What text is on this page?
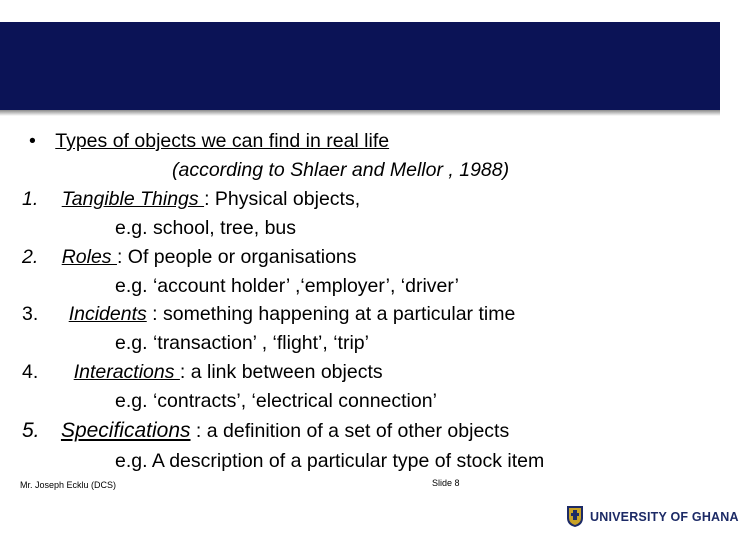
• Types of objects we can find in real life
(according to Shlaer and Mellor , 1988)
1. Tangible Things : Physical objects,
e.g. school, tree, bus
2. Roles : Of people or organisations
e.g. ‘account holder’ ,‘employer’, ‘driver’
3. Incidents : something happening at a particular time
e.g. ‘transaction’ , ‘flight’, ‘trip’
4. Interactions : a link between objects
e.g. ‘contracts’, ‘electrical connection’
5. Specifications : a definition of a set of other objects
e.g. A description of a particular type of stock item
Mr. Joseph Ecklu (DCS)	Slide 8
UNIVERSITY OF GHANA
